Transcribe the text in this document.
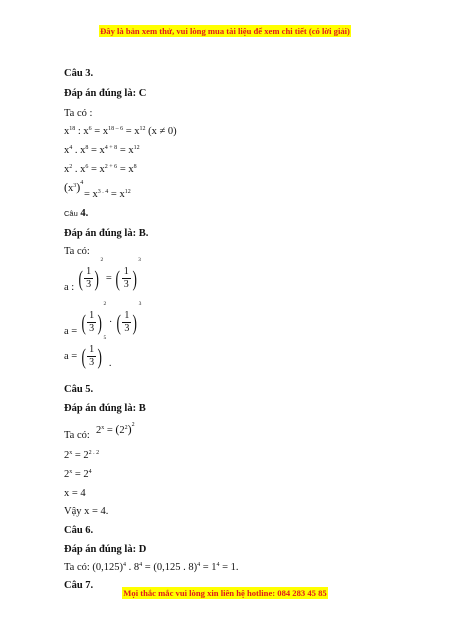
Đây là bản xem thử, vui lòng mua tài liệu để xem chi tiết (có lời giải)
Câu 3.
Đáp án đúng là: C
Ta có :
$x^{18}$ : $x^6 = x^{18 - 6} = x^{12}$ (x ≠ 0)
$x^4$ . $x^8 = x^{4 + 8} = x^{12}$
$x^2$ . $x^6 = x^{2 + 6} = x^8$
$(x^3)^4$
= $x^{3 . 4} = x^{12}$
Câu 4.
Đáp án đúng là: B.
Ta có:
a : ( $\frac{1}{3} )2$ = ( $\frac{1}{3} )3$
a = ( $\frac{1}{3} )2$ · ( $\frac{1}{3} )3$
a = ( $\frac{1}{3} )5$ .
Câu 5.
Đáp án đúng là: B
Ta có: $2^x = (2^2)^2$
$2^x = 2^{2 . 2}$
$2^x = 2^4$
x = 4
Vậy x = 4.
Câu 6.
Đáp án đúng là: D
Ta có: $(0,125)^4$ . $8^4 = (0,125$ . $8)^4 = 1^4 = 1$.
Câu 7.
Mọi thắc mắc vui lòng xin liên hệ hotline: 084 283 45 85
